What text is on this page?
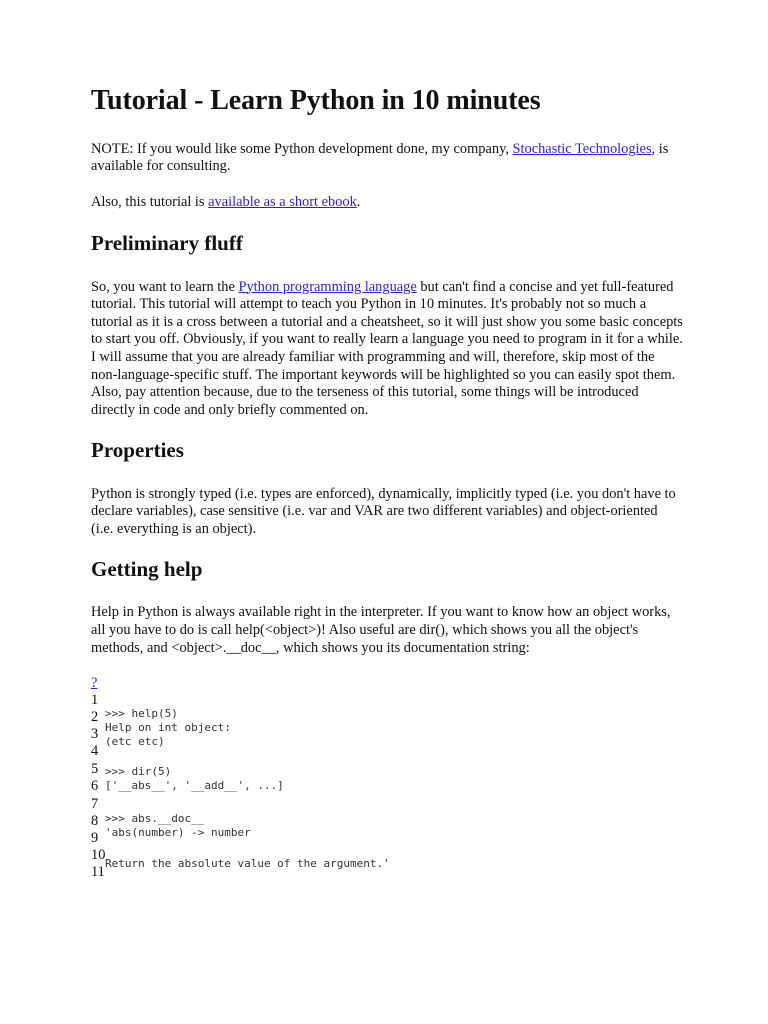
Tutorial - Learn Python in 10 minutes

NOTE: If you would like some Python development done, my company, Stochastic Technologies, is available for consulting.

Also, this tutorial is available as a short ebook.

Preliminary fluff

So, you want to learn the Python programming language but can't find a concise and yet full-featured tutorial. This tutorial will attempt to teach you Python in 10 minutes. It's probably not so much a tutorial as it is a cross between a tutorial and a cheatsheet, so it will just show you some basic concepts to start you off. Obviously, if you want to really learn a language you need to program in it for a while. I will assume that you are already familiar with programming and will, therefore, skip most of the non-language-specific stuff. The important keywords will be highlighted so you can easily spot them. Also, pay attention because, due to the terseness of this tutorial, some things will be introduced directly in code and only briefly commented on.

Properties

Python is strongly typed (i.e. types are enforced), dynamically, implicitly typed (i.e. you don't have to declare variables), case sensitive (i.e. var and VAR are two different variables) and object-oriented (i.e. everything is an object).

Getting help

Help in Python is always available right in the interpreter. If you want to know how an object works, all you have to do is call help(<object>)! Also useful are dir(), which shows you all the object's methods, and <object>.__doc__, which shows you its documentation string:

?
1
2
3
4
5
6
7
8
9
10
11
>>> help(5)
Help on int object:
(etc etc)
>>> dir(5)
['__abs__', '__add__', ...]
>>> abs.__doc__
'abs(number) -> number
Return the absolute value of the argument.'
